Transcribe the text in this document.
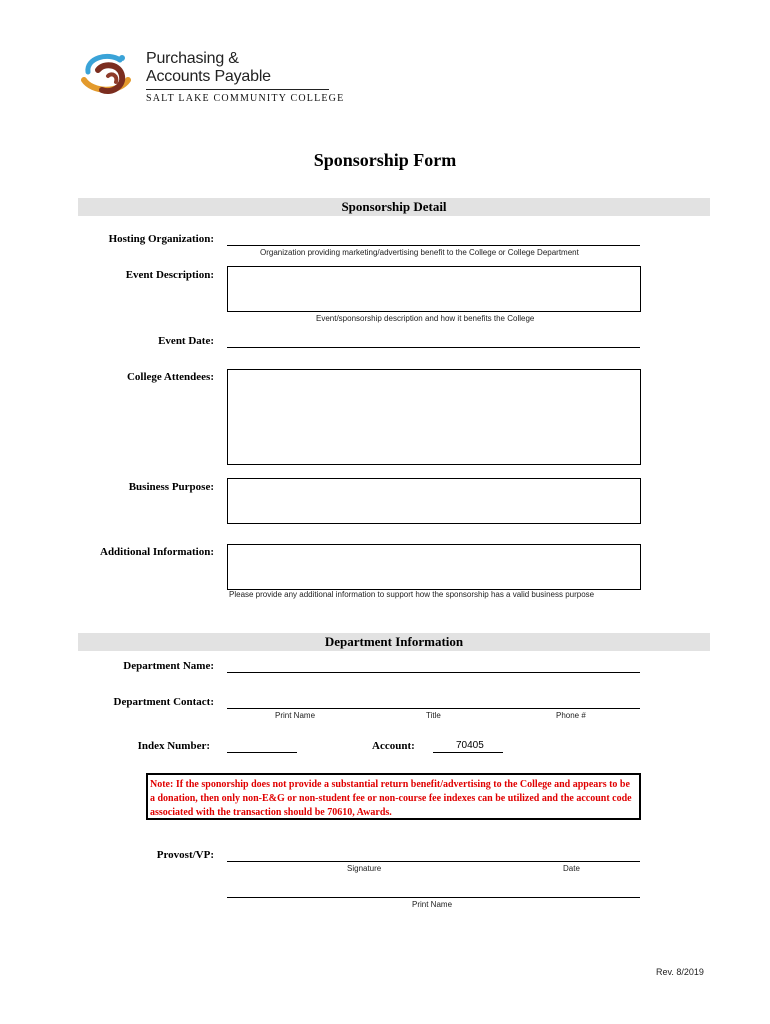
Purchasing &
Accounts Payable
SALT LAKE COMMUNITY COLLEGE
Sponsorship Form
Sponsorship Detail
Hosting Organization:
Organization providing marketing/advertising benefit to the College or College Department
Event Description:
Event/sponsorship description and how it benefits the College
Event Date:
College Attendees:
Business Purpose:
Additional Information:
Please provide any additional information to support how the sponsorship has a valid business purpose
Department Information
Department Name:
Department Contact:
Print Name	Title	Phone #
Index Number:	Account:	70405
Note: If the sponorship does not provide a substantial return benefit/advertising to the College and appears to be a donation, then only non-E&G or non-student fee or non-course fee indexes can be utilized and the account code associated with the transaction should be 70610, Awards.
Provost/VP:
Signature	Date
Print Name
Rev. 8/2019
